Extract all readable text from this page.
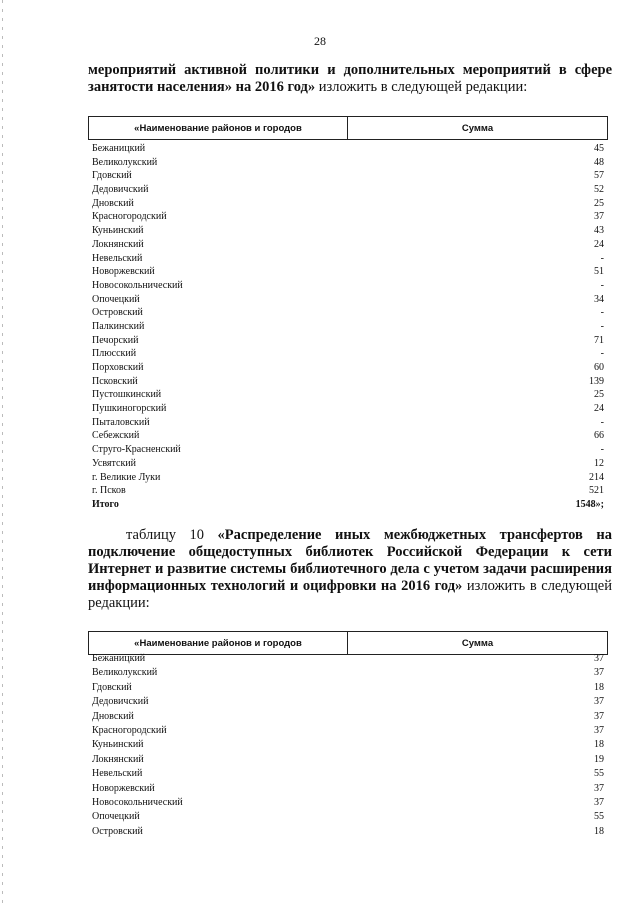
28
мероприятий активной политики и дополнительных мероприятий в сфере занятости населения» на 2016 год» изложить в следующей редакции:
«Наименование районов и городов	Сумма
Бежаницкий	45
Великолукский	48
Гдовский	57
Дедовичский	52
Дновский	25
Красногородский	37
Куньинский	43
Локнянский	24
Невельский	-
Новоржевский	51
Новосокольнический	-
Опочецкий	34
Островский	-
Палкинский	-
Печорский	71
Плюсский	-
Порховский	60
Псковский	139
Пустошкинский	25
Пушкиногорский	24
Пыталовский	-
Себежский	66
Струго-Красненский	-
Усвятский	12
г. Великие Луки	214
г. Псков	521
Итого	1548»;
таблицу 10 «Распределение иных межбюджетных трансфертов на подключение общедоступных библиотек Российской Федерации к сети Интернет и развитие системы библиотечного дела с учетом задачи расширения информационных технологий и оцифровки на 2016 год» изложить в следующей редакции:
«Наименование районов и городов	Сумма
Бежаницкий	37
Великолукский	37
Гдовский	18
Дедовичский	37
Дновский	37
Красногородский	37
Куньинский	18
Локнянский	19
Невельский	55
Новоржевский	37
Новосокольнический	37
Опочецкий	55
Островский	18
